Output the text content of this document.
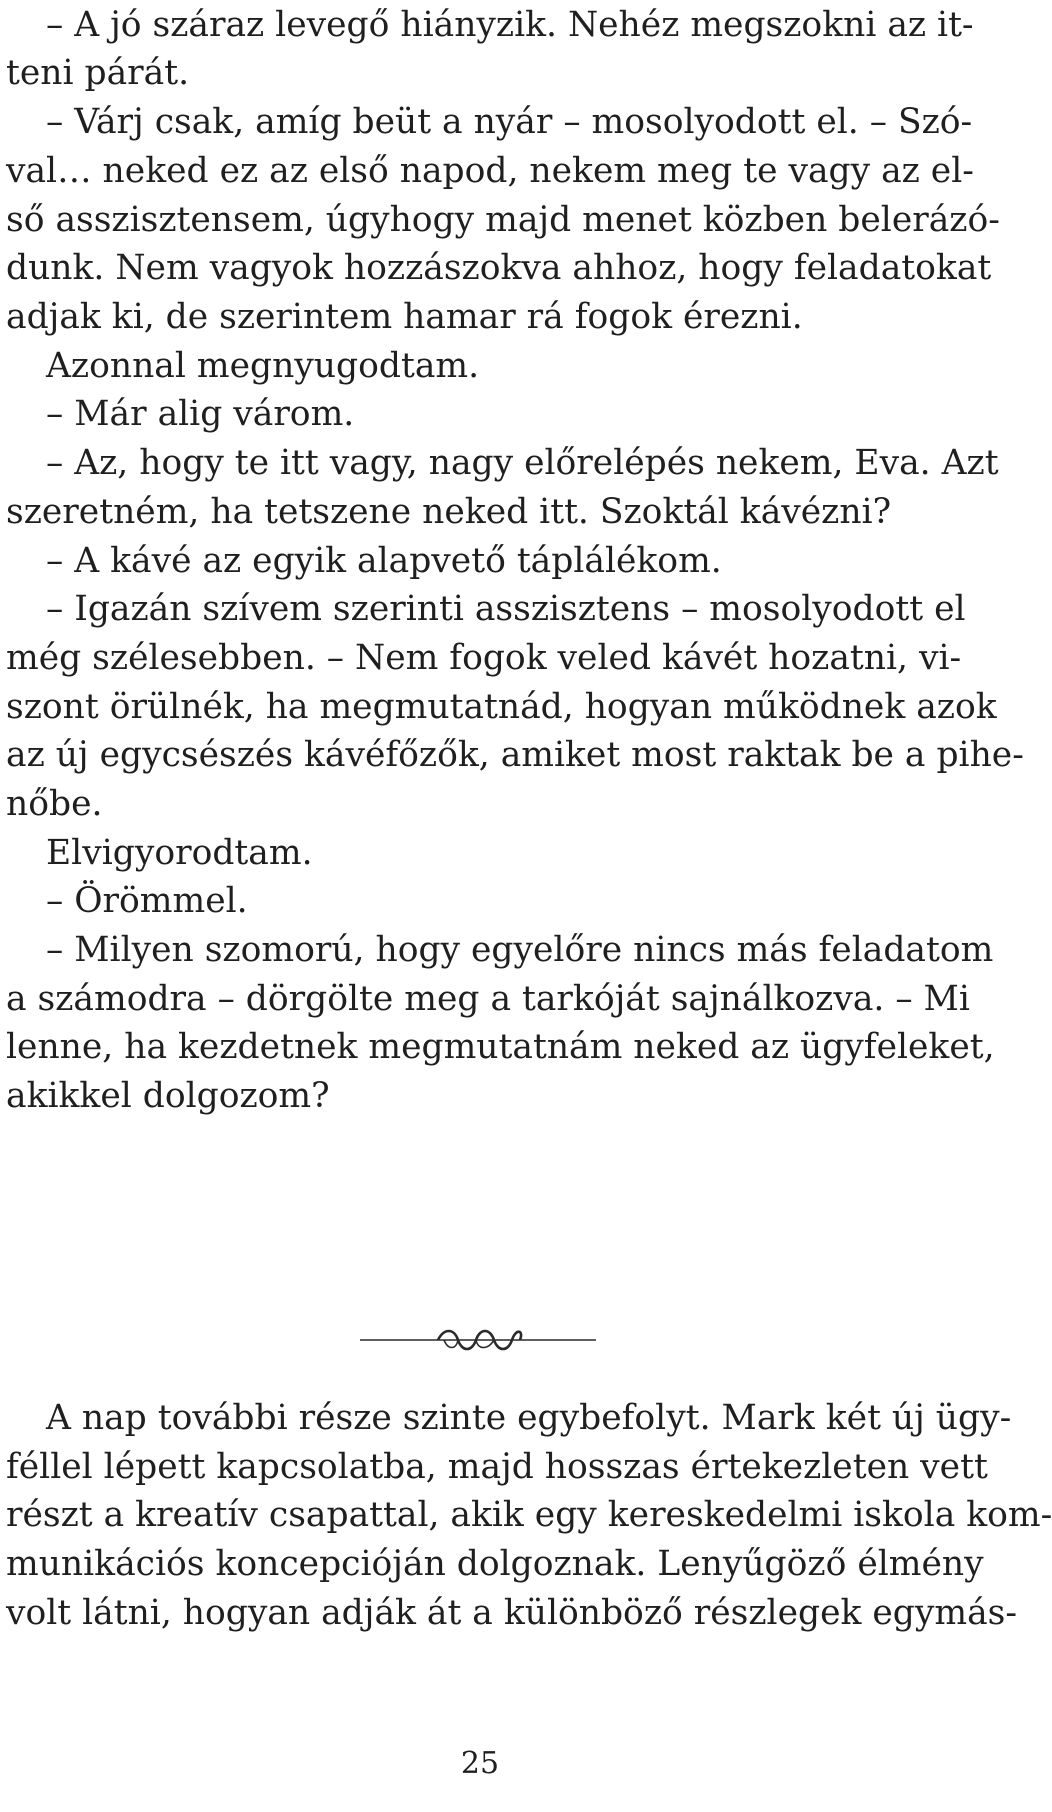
– A jó száraz levegő hiányzik. Nehéz megszokni az it-
teni párát.
– Várj csak, amíg beüt a nyár – mosolyodott el. – Szó-
val… neked ez az első napod, nekem meg te vagy az el-
ső asszisztensem, úgyhogy majd menet közben belerázó-
dunk. Nem vagyok hozzászokva ahhoz, hogy feladatokat
adjak ki, de szerintem hamar rá fogok érezni.
Azonnal megnyugodtam.
– Már alig várom.
– Az, hogy te itt vagy, nagy előrelépés nekem, Eva. Azt
szeretném, ha tetszene neked itt. Szoktál kávézni?
– A kávé az egyik alapvető táplálékom.
– Igazán szívem szerinti asszisztens – mosolyodott el
még szélesebben. – Nem fogok veled kávét hozatni, vi-
szont örülnék, ha megmutatnád, hogyan működnek azok
az új egycsészés kávéfőzők, amiket most raktak be a pihe-
nőbe.
Elvigyorodtam.
– Örömmel.
– Milyen szomorú, hogy egyelőre nincs más feladatom
a számodra – dörgölte meg a tarkóját sajnálkozva. – Mi
lenne, ha kezdetnek megmutatnám neked az ügyfeleket,
akikkel dolgozom?
A nap további része szinte egybefolyt. Mark két új ügy-
féllel lépett kapcsolatba, majd hosszas értekezleten vett
részt a kreatív csapattal, akik egy kereskedelmi iskola kom-
munikációs koncepcióján dolgoznak. Lenyűgöző élmény
volt látni, hogyan adják át a különböző részlegek egymás-
25
